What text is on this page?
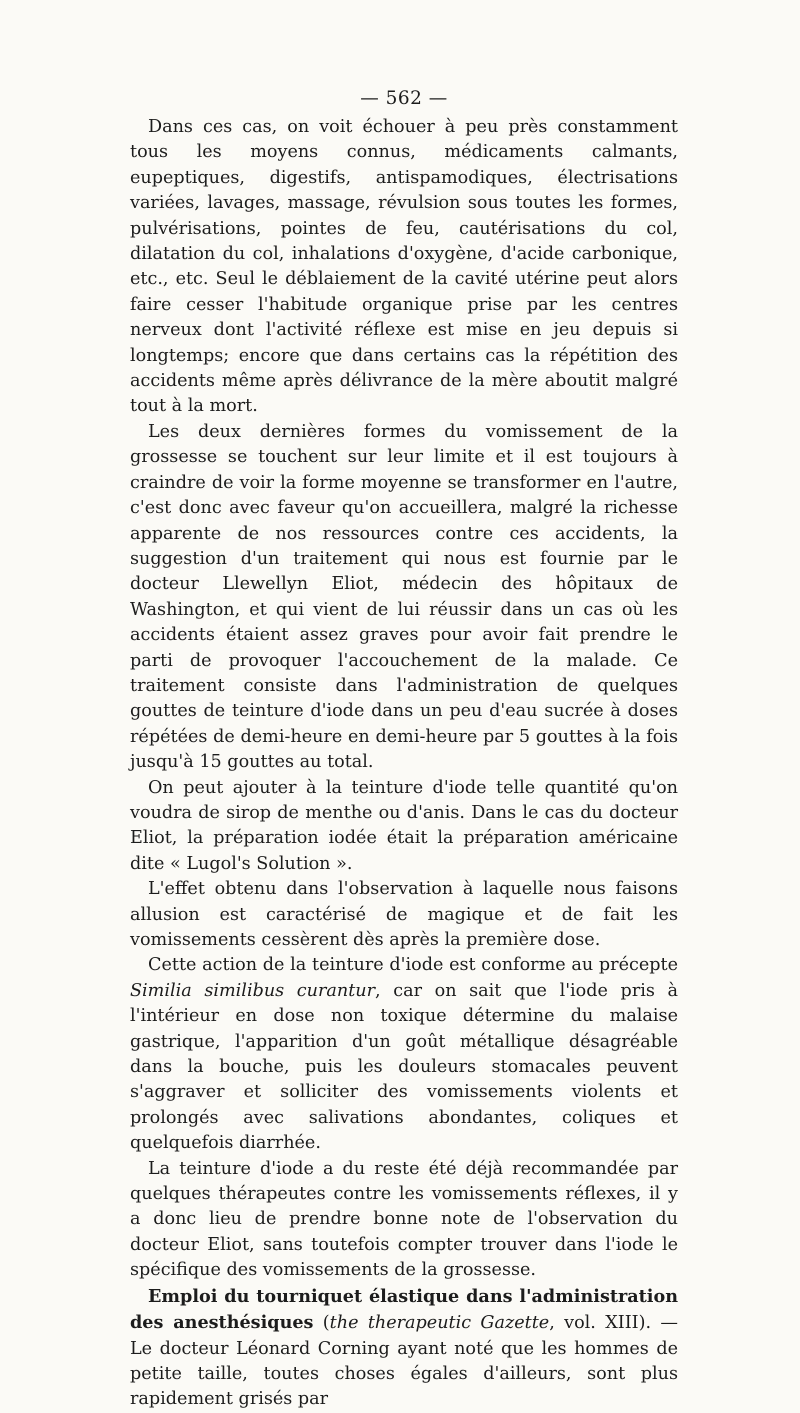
— 562 —

Dans ces cas, on voit échouer à peu près constamment tous les moyens connus, médicaments calmants, eupeptiques, digestifs, antispamodiques, électrisations variées, lavages, massage, révulsion sous toutes les formes, pulvérisations, pointes de feu, cautérisations du col, dilatation du col, inhalations d'oxygène, d'acide carbonique, etc., etc. Seul le déblaiement de la cavité utérine peut alors faire cesser l'habitude organique prise par les centres nerveux dont l'activité réflexe est mise en jeu depuis si longtemps; encore que dans certains cas la répétition des accidents même après délivrance de la mère aboutit malgré tout à la mort.

Les deux dernières formes du vomissement de la grossesse se touchent sur leur limite et il est toujours à craindre de voir la forme moyenne se transformer en l'autre, c'est donc avec faveur qu'on accueillera, malgré la richesse apparente de nos ressources contre ces accidents, la suggestion d'un traitement qui nous est fournie par le docteur Llewellyn Eliot, médecin des hôpitaux de Washington, et qui vient de lui réussir dans un cas où les accidents étaient assez graves pour avoir fait prendre le parti de provoquer l'accouchement de la malade. Ce traitement consiste dans l'administration de quelques gouttes de teinture d'iode dans un peu d'eau sucrée à doses répétées de demi-heure en demi-heure par 5 gouttes à la fois jusqu'à 15 gouttes au total.

On peut ajouter à la teinture d'iode telle quantité qu'on voudra de sirop de menthe ou d'anis. Dans le cas du docteur Eliot, la préparation iodée était la préparation américaine dite « Lugol's Solution ».

L'effet obtenu dans l'observation à laquelle nous faisons allusion est caractérisé de magique et de fait les vomissements cessèrent dès après la première dose.

Cette action de la teinture d'iode est conforme au précepte Similia similibus curantur, car on sait que l'iode pris à l'intérieur en dose non toxique détermine du malaise gastrique, l'apparition d'un goût métallique désagréable dans la bouche, puis les douleurs stomacales peuvent s'aggraver et solliciter des vomissements violents et prolongés avec salivations abondantes, coliques et quelquefois diarrhée.

La teinture d'iode a du reste été déjà recommandée par quelques thérapeutes contre les vomissements réflexes, il y a donc lieu de prendre bonne note de l'observation du docteur Eliot, sans toutefois compter trouver dans l'iode le spécifique des vomissements de la grossesse.

Emploi du tourniquet élastique dans l'administration des anesthésiques (the therapeutic Gazette, vol. XIII). — Le docteur Léonard Corning ayant noté que les hommes de petite taille, toutes choses égales d'ailleurs, sont plus rapidement grisés par
